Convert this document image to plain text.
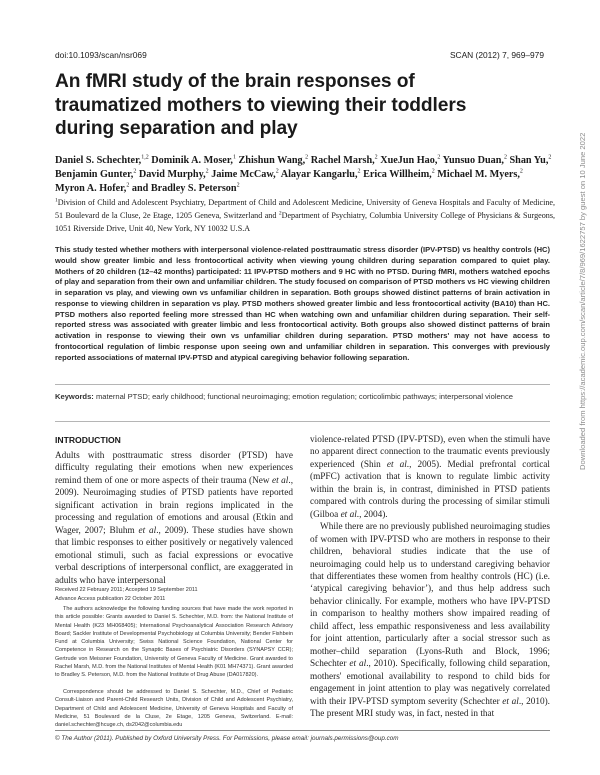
doi:10.1093/scan/nsr069	SCAN (2012) 7, 969–979
An fMRI study of the brain responses of traumatized mothers to viewing their toddlers during separation and play
Daniel S. Schechter,$^{1,2}$ Dominik A. Moser,$^1$ Zhishun Wang,$^2$ Rachel Marsh,$^2$ XueJun Hao,$^2$ Yunsuo Duan,$^2$ Shan Yu,$^2$ Benjamin Gunter,$^2$ David Murphy,$^2$ Jaime McCaw,$^2$ Alayar Kangarlu,$^2$ Erica Willheim,$^2$ Michael M. Myers,$^2$ Myron A. Hofer,$^2$ and Bradley S. Peterson$^2$
$^1$Division of Child and Adolescent Psychiatry, Department of Child and Adolescent Medicine, University of Geneva Hospitals and Faculty of Medicine, 51 Boulevard de la Cluse, 2e Etage, 1205 Geneva, Switzerland and $^2$Department of Psychiatry, Columbia University College of Physicians & Surgeons, 1051 Riverside Drive, Unit 40, New York, NY 10032 U.S.A
This study tested whether mothers with interpersonal violence-related posttraumatic stress disorder (IPV-PTSD) vs healthy controls (HC) would show greater limbic and less frontocortical activity when viewing young children during separation compared to quiet play. Mothers of 20 children (12–42 months) participated: 11 IPV-PTSD mothers and 9 HC with no PTSD. During fMRI, mothers watched epochs of play and separation from their own and unfamiliar children. The study focused on comparison of PTSD mothers vs HC viewing children in separation vs play, and viewing own vs unfamiliar children in separation. Both groups showed distinct patterns of brain activation in response to viewing children in separation vs play. PTSD mothers showed greater limbic and less frontocortical activity (BA10) than HC. PTSD mothers also reported feeling more stressed than HC when watching own and unfamiliar children during separation. Their self-reported stress was associated with greater limbic and less frontocortical activity. Both groups also showed distinct patterns of brain activation in response to viewing their own vs unfamiliar children during separation. PTSD mothers' may not have access to frontocortical regulation of limbic response upon seeing own and unfamiliar children in separation. This converges with previously reported associations of maternal IPV-PTSD and atypical caregiving behavior following separation.
Keywords: maternal PTSD; early childhood; functional neuroimaging; emotion regulation; corticolimbic pathways; interpersonal violence
INTRODUCTION

Adults with posttraumatic stress disorder (PTSD) have difficulty regulating their emotions when new experiences remind them of one or more aspects of their trauma (New et al., 2009). Neuroimaging studies of PTSD patients have reported significant activation in brain regions implicated in the processing and regulation of emotions and arousal (Etkin and Wager, 2007; Bluhm et al., 2009). These studies have shown that limbic responses to either positively or negatively valenced emotional stimuli, such as facial expressions or evocative verbal descriptions of interpersonal conflict, are exaggerated in adults who have interpersonal

Received 22 February 2011; Accepted 19 September 2011
Advance Access publication 22 October 2011
The authors acknowledge the following funding sources that have made the work reported in this article possible: Grants awarded to Daniel S. Schechter, M.D. from: the National Institute of Mental Health (K23 MH068405); International Psychoanalytical Association Research Advisory Board; Sackler Institute of Developmental Psychobiology at Columbia University; Bender Fishbein Fund at Columbia University; Swiss National Science Foundation, National Center for Competence in Research on the Synaptic Bases of Psychiatric Disorders (SYNAPSY CCR); Gertrude von Meissner Foundation, University of Geneva Faculty of Medicine. Grant awarded to Rachel Marsh, M.D. from the National Institutes of Mental Health (K01 MH74371). Grant awarded to Bradley S. Peterson, M.D. from the National Institute of Drug Abuse (DA017820).
Correspondence should be addressed to Daniel S. Schechter, M.D., Chief of Pediatric Consult-Liaison and Parent-Child Research Units, Division of Child and Adolescent Psychiatry, Department of Child and Adolescent Medicine, University of Geneva Hospitals and Faculty of Medicine, 51 Boulevard de la Cluse, 2e Etage, 1205 Geneva, Switzerland. E-mail: daniel.schechter@hcuge.ch, ds2042@columbia.edu

violence-related PTSD (IPV-PTSD), even when the stimuli have no apparent direct connection to the traumatic events previously experienced (Shin et al., 2005). Medial prefrontal cortical (mPFC) activation that is known to regulate limbic activity within the brain is, in contrast, diminished in PTSD patients compared with controls during the processing of similar stimuli (Gilboa et al., 2004).

While there are no previously published neuroimaging studies of women with IPV-PTSD who are mothers in response to their children, behavioral studies indicate that the use of neuroimaging could help us to understand caregiving behavior that differentiates these women from healthy controls (HC) (i.e. ‘atypical caregiving behavior’), and thus help address such behavior clinically. For example, mothers who have IPV-PTSD in comparison to healthy mothers show impaired reading of child affect, less empathic responsiveness and less availability for joint attention, particularly after a social stressor such as mother–child separation (Lyons-Ruth and Block, 1996; Schechter et al., 2010). Specifically, following child separation, mothers' emotional availability to respond to child bids for engagement in joint attention to play was negatively correlated with their IPV-PTSD symptom severity (Schechter et al., 2010). The present MRI study was, in fact, nested in that

© The Author (2011). Published by Oxford University Press. For Permissions, please email: journals.permissions@oup.com
Downloaded from https://academic.oup.com/scan/article/7/8/969/1622757 by guest on 10 June 2022
